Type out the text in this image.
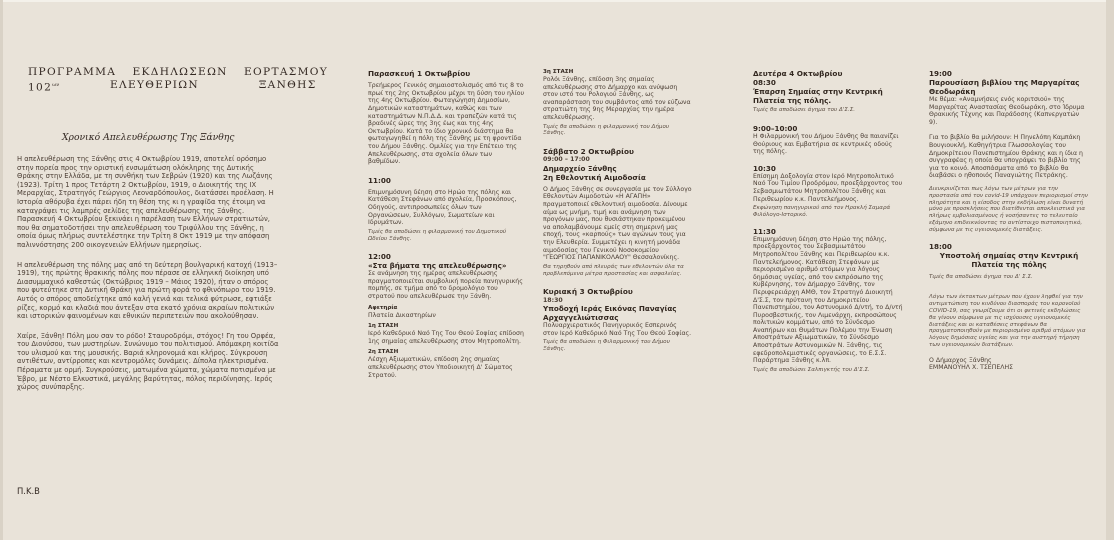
ΠΡΟΓΡΑΜΜΑ ΕΚΔΗΛΩΣΕΩΝ ΕΟΡΤΑΣΜΟΥ
$102^{\omega\nu}$	ΕΛΕΥΘΕΡΙΩΝ	ΞΑΝΘΗΣ

Χρονικό Απελευθέρωσης Της Ξάνθης

Η απελευθέρωση της Ξάνθης στις 4 Οκτωβρίου 1919, αποτελεί ορόσημο στην πορεία προς την οριστική ενσωμάτωση ολόκληρης της Δυτικής Θράκης στην Ελλάδα, με τη συνθήκη των Σεβρών (1920) και της Λωζάνης (1923). Τρίτη 1 προς Τετάρτη 2 Οκτωβρίου, 1919, ο Διοικητής της ΙΧ Μεραρχίας, Στρατηγός Γεώργιος Λεοναρδόπουλος, διατάσσει προέλαση. Η Ιστορία αθόρυβα έχει πάρει ήδη τη θέση της κι η γραφίδα της έτοιμη να καταγράψει τις λαμπρές σελίδες της απελευθέρωσης της Ξάνθης. Παρασκευή 4 Οκτωβρίου ξεκινάει η παρέλαση των Ελλήνων στρατιωτών, που θα σηματοδοτήσει την απελευθέρωση του Τριφύλλου της Ξάνθης, η οποία όμως πλήρως συντελέστηκε την Τρίτη 8 Οκτ 1919 με την απόφαση παλιννόστησης 200 οικογενειών Ελλήνων ημερησίως.

Η απελευθέρωση της πόλης μας από τη δεύτερη βουλγαρική κατοχή (1913–1919), της πρώτης θρακικής πόλης που πέρασε σε ελληνική διοίκηση υπό Διασυμμαχικό καθεστώς (Οκτώβριος 1919 – Μάιος 1920), ήταν ο σπόρος που φυτεύτηκε στη Δυτική Θράκη για πρώτη φορά το φθινόπωρο του 1919. Αυτός ο σπόρος αποδείχτηκε από καλή γενιά και τελικά φύτρωσε, εφτιάξε ρίζες, κορμό και κλαδιά που άντεξαν στα εκατό χρόνια ακραίων πολιτικών και ιστορικών φαινομένων και εθνικών περιπετειών που ακολούθησαν.

Χαίρε, Ξάνθη! Πόλη μου σαν το ρόδο! Σταυροδρόμι, στόχος! Γη του Ορφέα, του Διονύσου, των μυστηρίων. Συνώνυμο του πολιτισμού. Απόμακρη κοιτίδα του υλισμού και της μουσικής. Βαριά κληρονομιά και κλήρος. Σύγκρουση αντιθέτων, αντίρροπες και κεντρομόλες δυνάμεις. Δίπολα ηλεκτρισμένα. Πέραματα με ορμή. Συγκρούσεις, ματωμένα χώματα, χώματα ποτισμένα με Έβρο, με Νέστο Ελκυστικά, μεγάλης βαρύτητας, πόλος περιδίνησης. Ιερός χώρος συνύπαρξης.

Π.Κ.Β

Παρασκευή 1 Οκτωβρίου

Τρεήμερος Γενικός σημαιοστολισμός από τις 8 το πρωί της 2ης Οκτωβρίου μέχρι τη δύση του ηλίου της 4ης Οκτωβρίου. Φωταγώγηση Δημοσίων, Δημοτικών καταστημάτων, καθώς και των καταστημάτων Ν.Π.Δ.Δ. και τραπεζών κατά τις βραδινές ώρες της 3ης έως και της 4ης Οκτωβρίου. Κατά το ίδιο χρονικό διάστημα θα φωταγωγηθεί η πόλη της Ξάνθης με τη φροντίδα του Δήμου Ξάνθης. Ομιλίες για την Επέτειο της Απελευθέρωσης, στα σχολεία όλων των βαθμίδων.

11:00

Επιμνημόσυνη δέηση στο Ηρώο της πόλης και Κατάθεση Στεφάνων από σχολεία, Προσκόπους, Οδηγούς, αντιπροσωπείες όλων των Οργανώσεων, Συλλόγων, Σωματείων και Ιδρυμάτων.

Τιμές θα αποδώσει η φιλαρμονική του Δημοτικού Ωδείου Ξάνθης.

12:00

«Στα βήματα της απελευθέρωσης»

Σε ανάμνηση της ημέρας απελευθέρωσης πραγματοποιείται συμβολική πορεία πανηγυρικής πομπής, σε τμήμα από το δρομολόγιο του στρατού που απελευθέρωσε την Ξάνθη.

Αφετηρία

Πλατεία Δικαστηρίων

1η ΣΤΑΣΗ

Ιερό Καθεδρικό Ναό Της Του Θεού Σοφίας επίδοση 1ης σημαίας απελευθέρωσης στον Μητροπολίτη.

2η ΣΤΑΣΗ

Λέσχη Αξιωματικών, επίδοση 2ης σημαίας απελευθέρωσης στον Υποδιοικητή Δ' Σώματος Στρατού.

3η ΣΤΑΣΗ

Ρολόι Ξάνθης, επίδοση 3ης σημαίας απελευθέρωσης στο Δήμαρχο και ανύψωση στον ιστό του Ρολογιού Ξάνθης, ως αναπαράσταση του συμβάντος από τον εύζωνα στρατιώτη της 9ης Μεραρχίας την ημέρα απελευθέρωσης.

Τιμές θα αποδώσει η φιλαρμονική του Δήμου Ξάνθης.

Σάββατο 2 Οκτωβρίου

09:00 – 17:00

Δημαρχείο Ξάνθης

2η Εθελοντική Αιμοδοσία

Ο Δήμος Ξάνθης σε συνεργασία με τον Σύλλογο Εθελοντών Αιμοδοτών «Η ΑΓΑΠΗ» πραγματοποιεί εθελοντική αιμοδοσία. Δίνουμε αίμα ως μνήμη, τιμή και ανάμνηση των προγόνων μας, που θυσιάστηκαν προκειμένου να απολαμβάνουμε εμείς στη σημερινή μας εποχή, τους «καρπούς» των αγώνων τους για την Ελευθερία. Συμμετέχει η κινητή μονάδα αιμοδοσίας του Γενικού Νοσοκομείου "ΓΕΩΡΓΙΟΣ ΠΑΠΑΝΙΚΟΛΑΟΥ" Θεσσαλονίκης.

Θα τηρηθούν από πλευράς των εθελοντών όλα τα προβλεπόμενα μέτρα προστασίας και ασφαλείας.

Κυριακή 3 Οκτωβρίου

18:30

Υποδοχή Ιεράς Εικόνας Παναγίας Αρχαγγελιώτισσας

Πολυαρχιερατικός Πανηγυρικός Εσπερινός στον Ιερό Καθεδρικό Ναό Της Του Θεού Σοφίας.

Τιμές θα αποδώσει η Φιλαρμονική του Δήμου Ξάνθης.

Δευτέρα 4 Οκτωβρίου

08:30

Έπαρση Σημαίας στην Κεντρική Πλατεία της πόλης.

Τιμές θα αποδώσει άγημα του Δ'Σ.Σ.

9:00–10:00

Η Φιλαρμονική του Δήμου Ξάνθης θα παιανίζει Θούριους και Εμβατήρια σε κεντρικές οδούς της πόλης.

10:30

Επίσημη Δοξολογία στον Ιερό Μητροπολιτικό Ναό Του Τιμίου Προδρόμου, προεξάρχοντος του Σεβασμιωτάτου Μητροπολίτου Ξάνθης και Περιθεωρίου κ.κ. Παντελεήμονος.

Εκφώνηση πανηγυρικού από τον Ηρακλή Σαμαρά Φιλόλογο-Ιστορικό.

11:30

Επιμνημόσυνη δέηση στο Ηρώο της πόλης, προεξάρχοντος του Σεβασμιωτάτου Μητροπολίτου Ξάνθης και Περιθεωρίου κ.κ. Παντελεήμονος. Κατάθεση Στεφάνων με περιορισμένο αριθμό ατόμων για λόγους δημόσιας υγείας, από τον εκπρόσωπο της Κυβέρνησης, τον Δήμαρχο Ξάνθης, τον Περιφερειάρχη ΑΜΘ, τον Στρατηγό Διοικητή Δ'Σ.Σ, τον πρύτανη του Δημοκριτείου Πανεπιστημίου, τον Αστυνομικό Δ/ντή, το Δ/ντή Πυροσβεστικής, τον Λιμενάρχη, εκπροσώπους πολιτικών κομμάτων, από το Σύνδεσμο Αναπήρων και Θυμάτων Πολέμου την Ένωση Αποστράτων Αξιωματικών, το Σύνδεσμο Αποστράτων Αστυνομικών Ν. Ξάνθης, τις εφεδροπολεμιστικές οργανώσεις, το Ε.Σ.Σ. Παράρτημα Ξάνθης κ.λπ.

Τιμές θα αποδώσει Σαλπιγκτής του Δ'Σ.Σ.

19:00

Παρουσίαση βιβλίου της Μαργαρίτας Θεοδωράκη

Με θέμα: «Αναμνήσεις ενός κοριτσιού» της Μαργαρίτας Αναστασίας Θεοδωράκη, στο Ίδρυμα Θρακικής Τέχνης και Παράδοσης (Καπνεργατών 9).

Για το βιβλίο θα μιλήσουν: Η Πηνελόπη Καμπάκη Βουγιουκλή, Καθηγήτρια Γλωσσολογίας του Δημοκρίτειου Πανεπιστημίου Θράκης και η ίδια η συγγραφέας η οποία θα υπογράψει το βιβλίο της για το κοινό. Αποσπάσματα από το βιβλίο θα διαβάσει ο ηθοποιός Παναγιώτης Πετράκης.

Διευκρινίζεται πως λόγω των μέτρων για την προστασία από τον covid-19 υπάρχουν περιορισμοί στην πληρότητα και η είσοδος στην εκδήλωση είναι δυνατή μόνο με προσκλήσεις που διατίθενται αποκλειστικά για πλήρως εμβολιασμένους ή νοσήσαντες το τελευταίο εξάμηνο επιδεικνύοντας το αντίστοιχο πιστοποιητικό, σύμφωνα με τις υγειονομικές διατάξεις.

18:00

Υποστολή σημαίας στην Κεντρική Πλατεία της πόλης

Τιμές θα αποδώσει άγημα του Δ' Σ.Σ.

Λόγω των έκτακτων μέτρων που έχουν ληφθεί για την αντιμετώπιση του κινδύνου διασποράς του κορονοϊού COVID-19, σας γνωρίζουμε ότι οι φετινές εκδηλώσεις θα γίνουν σύμφωνα με τις ισχύουσες υγειονομικές διατάξεις και οι καταθέσεις στεφάνων θα πραγματοποιηθούν με περιορισμένο αριθμό ατόμων για λόγους δημόσιας υγείας και για την αυστηρή τήρηση των υγειονομικών διατάξεων.

Ο Δήμαρχος Ξάνθης

ΕΜΜΑΝΟΥΗΛ Χ. ΤΣΕΠΕΛΗΣ
